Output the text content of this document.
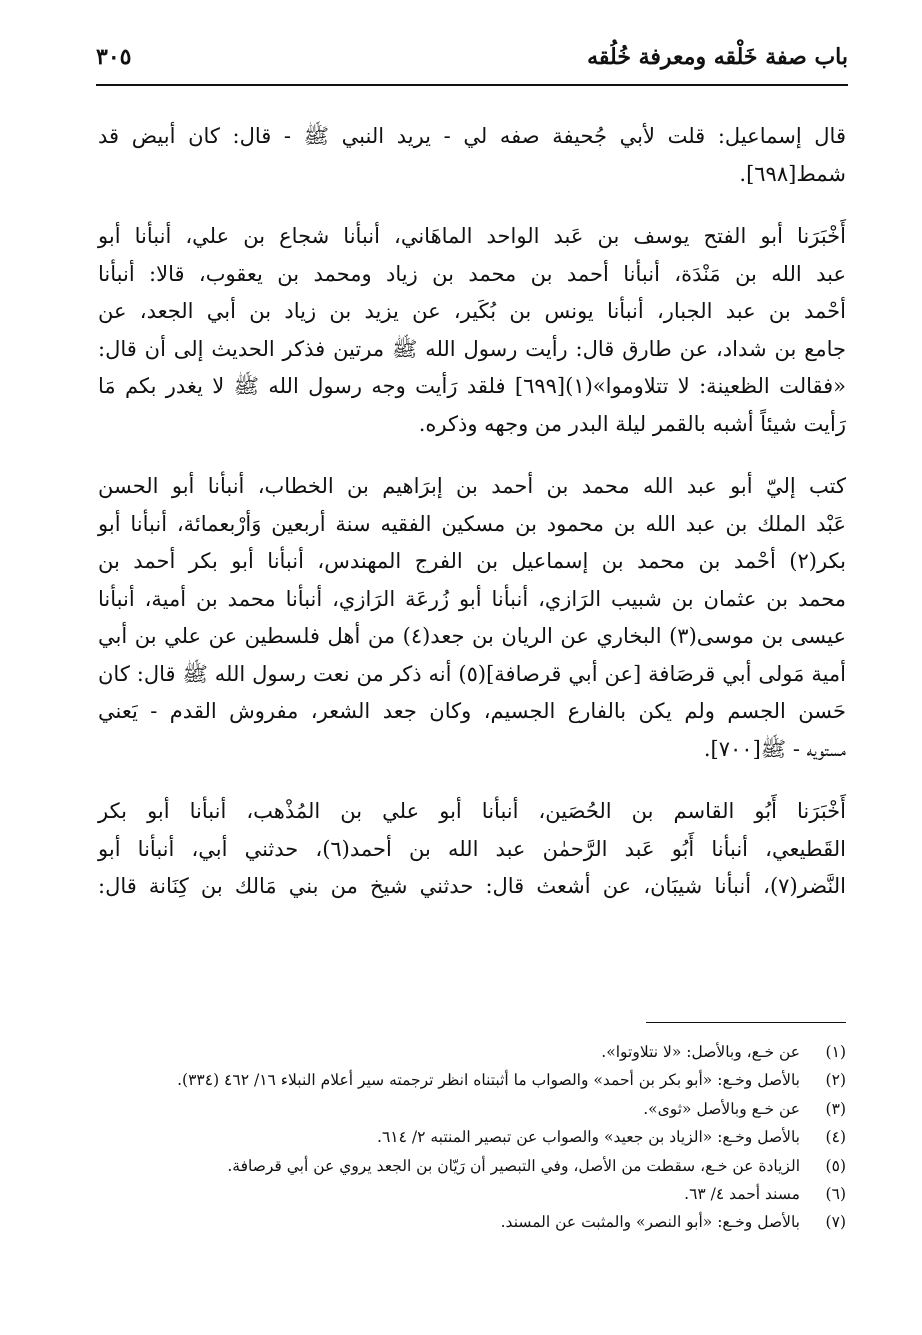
باب صفة خَلْقه ومعرفة خُلُقه
٣٠٥
قال إسماعيل: قلت لأبي جُحيفة صفه لي - يريد النبي ﷺ - قال: كان أبيض قد
شمط[٦٩٨].
أَخْبَرَنا أبو الفتح يوسف بن عَبد الواحد الماهَاني، أنبأنا شجاع بن علي، أنبأنا أبو
عبد الله بن مَنْدَة، أنبأنا أحمد بن محمد بن زياد ومحمد بن يعقوب، قالا: أنبأنا
أحْمد بن عبد الجبار، أنبأنا يونس بن بُكَير، عن يزيد بن زياد بن أبي الجعد، عن
جامع بن شداد، عن طارق قال: رأيت رسول الله ﷺ مرتين فذكر الحديث إلى أن قال:
«فقالت الظعينة: لا تتلاوموا»(١)[٦٩٩] فلقد رَأيت وجه رسول الله ﷺ لا يغدر بكم مَا
رَأيت شيئاً أشبه بالقمر ليلة البدر من وجهه وذكره.
كتب إليّ أبو عبد الله محمد بن أحمد بن إبرَاهيم بن الخطاب، أنبأنا أبو الحسن
عَبْد الملك بن عبد الله بن محمود بن مسكين الفقيه سنة أربعين وَأرْبعمائة، أنبأنا أبو
بكر(٢) أحْمد بن محمد بن إسماعيل بن الفرج المهندس، أنبأنا أبو بكر أحمد بن
محمد بن عثمان بن شبيب الرَازي، أنبأنا أبو زُرعَة الرَازي، أنبأنا محمد بن أمية، أنبأنا
عيسى بن موسى(٣) البخاري عن الريان بن جعد(٤) من أهل فلسطين عن علي بن أبي
أمية مَولى أبي قرصَافة [عن أبي قرصافة](٥) أنه ذكر من نعت رسول الله ﷺ قال: كان
حَسن الجسم ولم يكن بالفارع الجسيم، وكان جعد الشعر، مفروش القدم - يَعني
مستويه - ﷺ[٧٠٠].
أَخْبَرَنا أَبُو القاسم بن الحُصَين، أنبأنا أبو علي بن المُذْهب، أنبأنا أبو بكر
القَطيعي، أنبأنا أَبُو عَبد الرَّحمٰن عبد الله بن أحمد(٦)، حدثني أبي، أنبأنا أبو
النَّضر(٧)، أنبأنا شيبَان، عن أشعث قال: حدثني شيخ من بني مَالك بن كِنَانة قال:
(١)
عن خـع، وبالأصل: «لا نتلاوتوا».
(٢)
بالأصل وخـع: «أبو بكر بن أحمد» والصواب ما أثبتناه انظر ترجمته سير أعلام النبلاء ١٦/ ٤٦٢ (٣٣٤).
(٣)
عن خـع وبالأصل «ثوى».
(٤)
بالأصل وخـع: «الزياد بن جعيد» والصواب عن تبصير المنتبه ٢/ ٦١٤.
(٥)
الزيادة عن خـع، سقطت من الأصل، وفي التبصير أن رَيّان بن الجعد يروي عن أبي قرصافة.
(٦)
مسند أحمد ٤/ ٦٣.
(٧)
بالأصل وخـع: «أبو النصر» والمثبت عن المسند.
